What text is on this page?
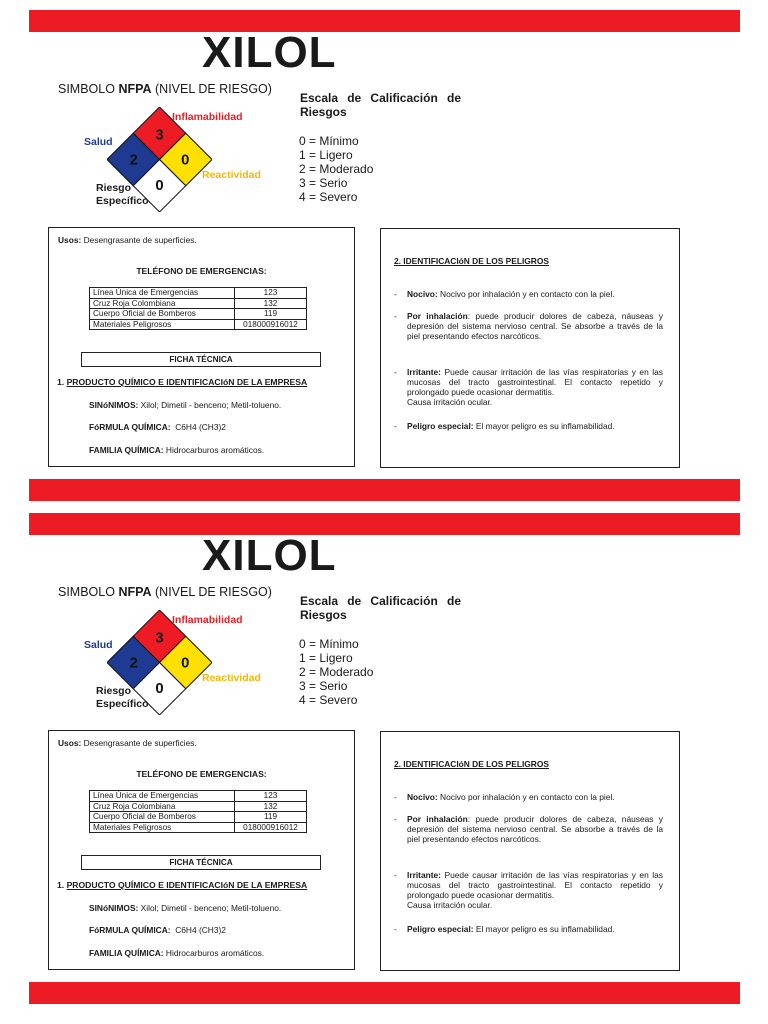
XILOL
SIMBOLO NFPA (NIVEL DE RIESGO)
3
2	0
0
Inflamabilidad
Salud
Reactividad
Riesgo
Específico
Escala de Calificación de
Riesgos
0 = Mínimo
1 = Ligero
2 = Moderado
3 = Serio
4 = Severo
Usos: Desengrasante de superficies.
TELÉFONO DE EMERGENCIAS:
Línea Única de Emergencias	123
Cruz Roja Colombiana	132
Cuerpo Oficial de Bomberos	119
Materiales Peligrosos	018000916012
FICHA TÉCNICA
1. PRODUCTO QUÍMICO E IDENTIFICACIóN DE LA EMPRESA
SINóNIMOS: Xilol; Dimetil - benceno; Metil-tolueno.
FóRMULA QUÍMICA:  C6H4 (CH3)2
FAMILIA QUÍMICA: Hidrocarburos aromáticos.
2. IDENTIFICACIóN DE LOS PELIGROS
- Nocivo: Nocivo por inhalación y en contacto con la piel.
- Por inhalación: puede producir dolores de cabeza, náuseas y depresión del sistema nervioso central. Se absorbe a través de la piel presentando efectos narcóticos.
- Irritante: Puede causar irritación de las vías respiratorias y en las mucosas del tracto gastrointestinal. El contacto repetido y prolongado puede ocasionar dermatitis.
Causa irritación ocular.
- Peligro especial: El mayor peligro es su inflamabilidad.
XILOL
SIMBOLO NFPA (NIVEL DE RIESGO)
3
2	0
0
Inflamabilidad
Salud
Reactividad
Riesgo
Específico
Escala de Calificación de
Riesgos
0 = Mínimo
1 = Ligero
2 = Moderado
3 = Serio
4 = Severo
Usos: Desengrasante de superficies.
TELÉFONO DE EMERGENCIAS:
Línea Única de Emergencias	123
Cruz Roja Colombiana	132
Cuerpo Oficial de Bomberos	119
Materiales Peligrosos	018000916012
FICHA TÉCNICA
1. PRODUCTO QUÍMICO E IDENTIFICACIóN DE LA EMPRESA
SINóNIMOS: Xilol; Dimetil - benceno; Metil-tolueno.
FóRMULA QUÍMICA:  C6H4 (CH3)2
FAMILIA QUÍMICA: Hidrocarburos aromáticos.
2. IDENTIFICACIóN DE LOS PELIGROS
- Nocivo: Nocivo por inhalación y en contacto con la piel.
- Por inhalación: puede producir dolores de cabeza, náuseas y depresión del sistema nervioso central. Se absorbe a través de la piel presentando efectos narcóticos.
- Irritante: Puede causar irritación de las vías respiratorias y en las mucosas del tracto gastrointestinal. El contacto repetido y prolongado puede ocasionar dermatitis.
Causa irritación ocular.
- Peligro especial: El mayor peligro es su inflamabilidad.
